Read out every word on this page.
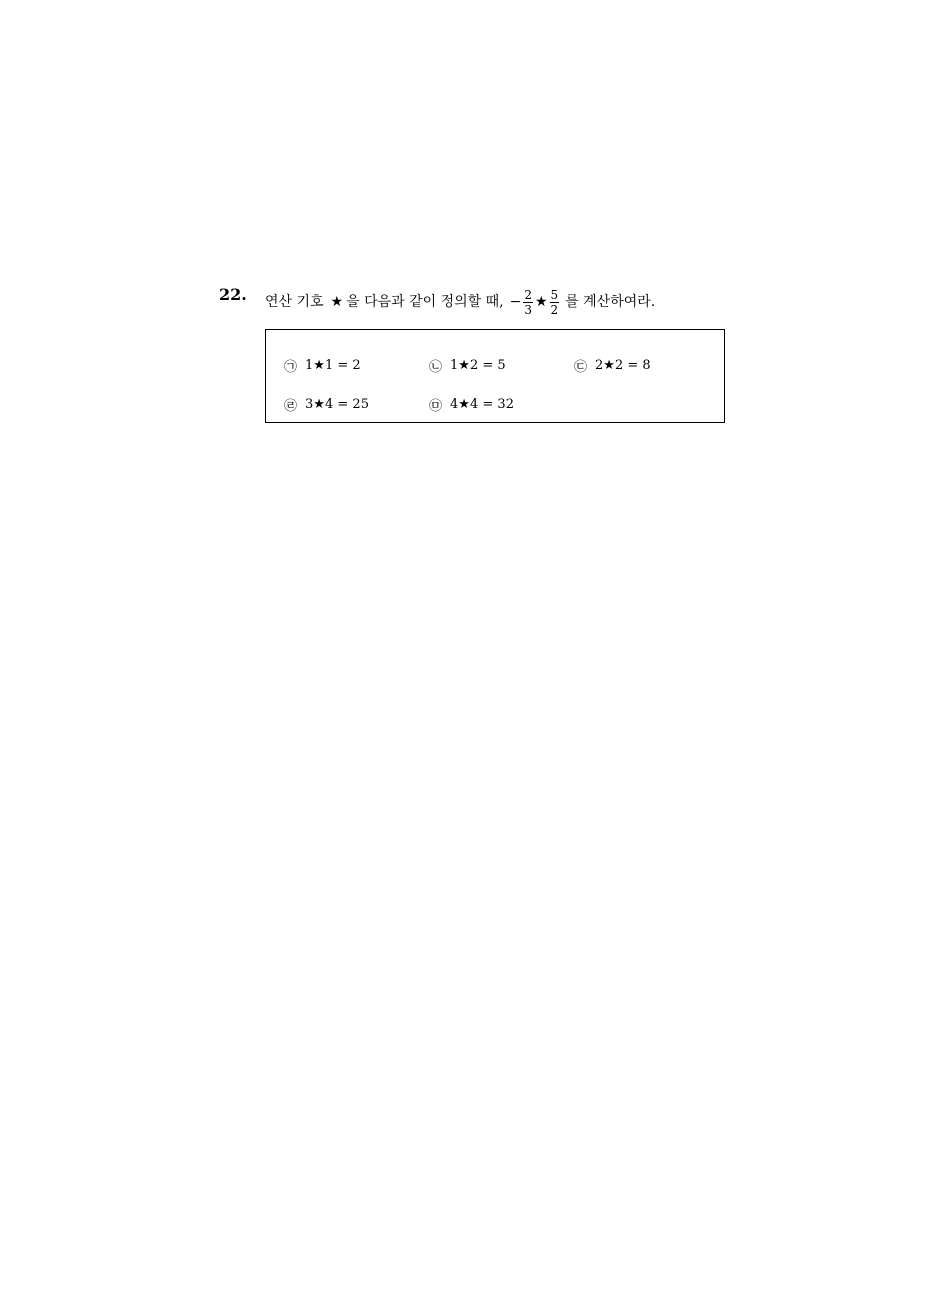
22. 연산 기호 ★ 을 다음과 같이 정의할 때, − $\frac{2}{3}$ ★ $\frac{5}{2}$ 를 계산하여라.
㉠ 1★1 = 2	㉡ 1★2 = 5	㉢ 2★2 = 8
㉣ 3★4 = 25	㉤ 4★4 = 32
